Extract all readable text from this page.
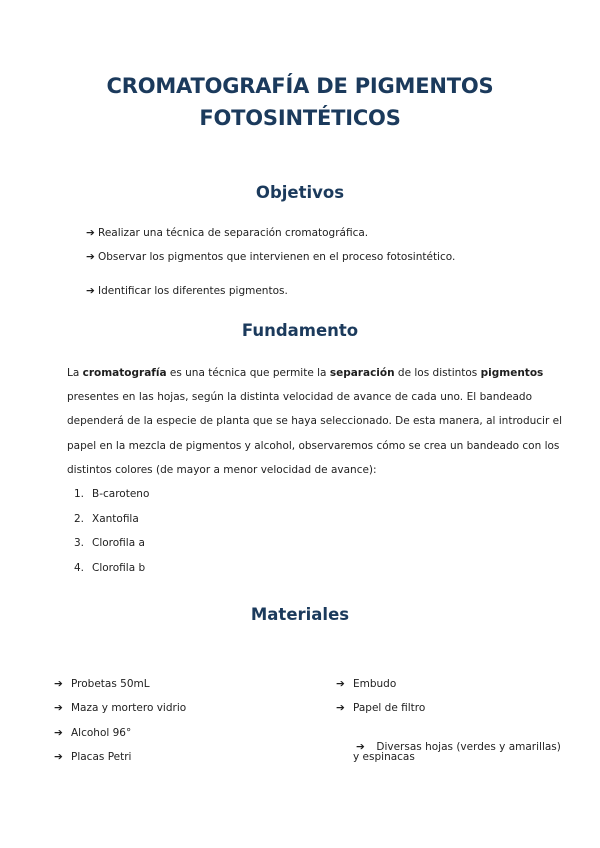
CROMATOGRAFÍA DE PIGMENTOS
FOTOSINTÉTICOS
Objetivos
➔ Realizar una técnica de separación cromatográfica.
➔ Observar los pigmentos que intervienen en el proceso fotosintético.
➔ Identificar los diferentes pigmentos.
Fundamento
La cromatografía es una técnica que permite la separación de los distintos pigmentos
presentes en las hojas, según la distinta velocidad de avance de cada uno. El bandeado
dependerá de la especie de planta que se haya seleccionado. De esta manera, al introducir el
papel en la mezcla de pigmentos y alcohol, observaremos cómo se crea un bandeado con los
distintos colores (de mayor a menor velocidad de avance):
1. B-caroteno
2. Xantofila
3. Clorofila a
4. Clorofila b
Materiales
➔ Probetas 50mL
➔ Maza y mortero vidrio
➔ Alcohol 96°
➔ Placas Petri
➔ Embudo
➔ Papel de filtro

➔ Diversas hojas (verdes y amarillas)

y espinacas
